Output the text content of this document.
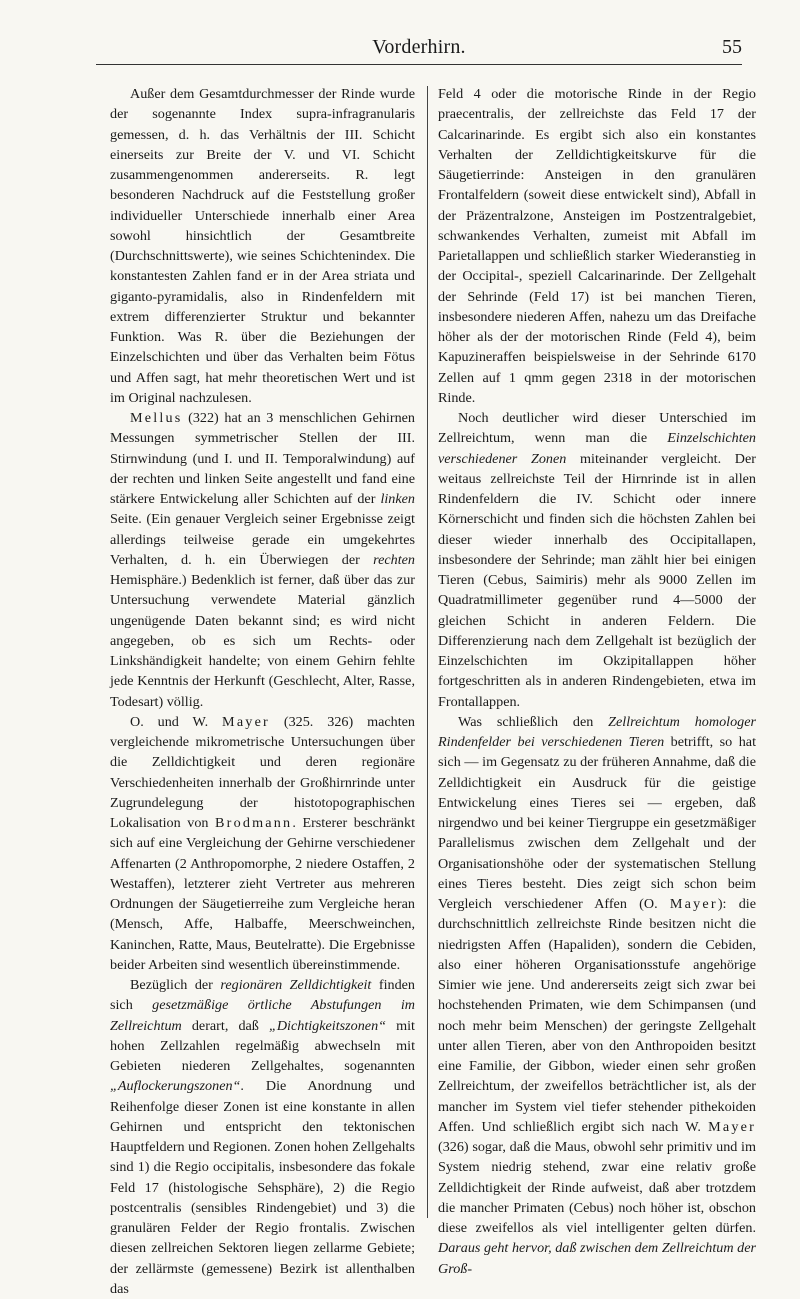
Vorderhirn.	55

Außer dem Gesamtdurchmesser der Rinde wurde der sogenannte Index supra-infragranularis gemessen, d. h. das Verhältnis der III. Schicht einerseits zur Breite der V. und VI. Schicht zusammengenommen andererseits. R. legt besonderen Nachdruck auf die Feststellung großer individueller Unterschiede innerhalb einer Area sowohl hinsichtlich der Gesamtbreite (Durchschnittswerte), wie seines Schichtenindex. Die konstantesten Zahlen fand er in der Area striata und giganto-pyramidalis, also in Rindenfeldern mit extrem differenzierter Struktur und bekannter Funktion. Was R. über die Beziehungen der Einzelschichten und über das Verhalten beim Fötus und Affen sagt, hat mehr theoretischen Wert und ist im Original nachzulesen.

Mellus (322) hat an 3 menschlichen Gehirnen Messungen symmetrischer Stellen der III. Stirnwindung (und I. und II. Temporalwindung) auf der rechten und linken Seite angestellt und fand eine stärkere Entwickelung aller Schichten auf der linken Seite. (Ein genauer Vergleich seiner Ergebnisse zeigt allerdings teilweise gerade ein umgekehrtes Verhalten, d. h. ein Überwiegen der rechten Hemisphäre.) Bedenklich ist ferner, daß über das zur Untersuchung verwendete Material gänzlich ungenügende Daten bekannt sind; es wird nicht angegeben, ob es sich um Rechts- oder Linkshändigkeit handelte; von einem Gehirn fehlte jede Kenntnis der Herkunft (Geschlecht, Alter, Rasse, Todesart) völlig.

O. und W. Mayer (325. 326) machten vergleichende mikrometrische Untersuchungen über die Zelldichtigkeit und deren regionäre Verschiedenheiten innerhalb der Großhirnrinde unter Zugrundelegung der histotopographischen Lokalisation von Brodmann. Ersterer beschränkt sich auf eine Vergleichung der Gehirne verschiedener Affenarten (2 Anthropomorphe, 2 niedere Ostaffen, 2 Westaffen), letzterer zieht Vertreter aus mehreren Ordnungen der Säugetierreihe zum Vergleiche heran (Mensch, Affe, Halbaffe, Meerschweinchen, Kaninchen, Ratte, Maus, Beutelratte). Die Ergebnisse beider Arbeiten sind wesentlich übereinstimmende.

Bezüglich der regionären Zelldichtigkeit finden sich gesetzmäßige örtliche Abstufungen im Zellreichtum derart, daß „Dichtigkeitszonen“ mit hohen Zellzahlen regelmäßig abwechseln mit Gebieten niederen Zellgehaltes, sogenannten „Auflockerungszonen“. Die Anordnung und Reihenfolge dieser Zonen ist eine konstante in allen Gehirnen und entspricht den tektonischen Hauptfeldern und Regionen. Zonen hohen Zellgehalts sind 1) die Regio occipitalis, insbesondere das fokale Feld 17 (histologische Sehsphäre), 2) die Regio postcentralis (sensibles Rindengebiet) und 3) die granulären Felder der Regio frontalis. Zwischen diesen zellreichen Sektoren liegen zellarme Gebiete; der zellärmste (gemessene) Bezirk ist allenthalben das

Feld 4 oder die motorische Rinde in der Regio praecentralis, der zellreichste das Feld 17 der Calcarinarinde. Es ergibt sich also ein konstantes Verhalten der Zelldichtigkeitskurve für die Säugetierrinde: Ansteigen in den granulären Frontalfeldern (soweit diese entwickelt sind), Abfall in der Präzentralzone, Ansteigen im Postzentralgebiet, schwankendes Verhalten, zumeist mit Abfall im Parietallappen und schließlich starker Wiederanstieg in der Occipital-, speziell Calcarinarinde. Der Zellgehalt der Sehrinde (Feld 17) ist bei manchen Tieren, insbesondere niederen Affen, nahezu um das Dreifache höher als der der motorischen Rinde (Feld 4), beim Kapuzineraffen beispielsweise in der Sehrinde 6170 Zellen auf 1 qmm gegen 2318 in der motorischen Rinde.

Noch deutlicher wird dieser Unterschied im Zellreichtum, wenn man die Einzelschichten verschiedener Zonen miteinander vergleicht. Der weitaus zellreichste Teil der Hirnrinde ist in allen Rindenfeldern die IV. Schicht oder innere Körnerschicht und finden sich die höchsten Zahlen bei dieser wieder innerhalb des Occipitallapen, insbesondere der Sehrinde; man zählt hier bei einigen Tieren (Cebus, Saimiris) mehr als 9000 Zellen im Quadratmillimeter gegenüber rund 4—5000 der gleichen Schicht in anderen Feldern. Die Differenzierung nach dem Zellgehalt ist bezüglich der Einzelschichten im Okzipitallappen höher fortgeschritten als in anderen Rindengebieten, etwa im Frontallappen.

Was schließlich den Zellreichtum homologer Rindenfelder bei verschiedenen Tieren betrifft, so hat sich — im Gegensatz zu der früheren Annahme, daß die Zelldichtigkeit ein Ausdruck für die geistige Entwickelung eines Tieres sei — ergeben, daß nirgendwo und bei keiner Tiergruppe ein gesetzmäßiger Parallelismus zwischen dem Zellgehalt und der Organisationshöhe oder der systematischen Stellung eines Tieres besteht. Dies zeigt sich schon beim Vergleich verschiedener Affen (O. Mayer): die durchschnittlich zellreichste Rinde besitzen nicht die niedrigsten Affen (Hapaliden), sondern die Cebiden, also einer höheren Organisationsstufe angehörige Simier wie jene. Und andererseits zeigt sich zwar bei hochstehenden Primaten, wie dem Schimpansen (und noch mehr beim Menschen) der geringste Zellgehalt unter allen Tieren, aber von den Anthropoiden besitzt eine Familie, der Gibbon, wieder einen sehr großen Zellreichtum, der zweifellos beträchtlicher ist, als der mancher im System viel tiefer stehender pithekoiden Affen. Und schließlich ergibt sich nach W. Mayer (326) sogar, daß die Maus, obwohl sehr primitiv und im System niedrig stehend, zwar eine relativ große Zelldichtigkeit der Rinde aufweist, daß aber trotzdem die mancher Primaten (Cebus) noch höher ist, obschon diese zweifellos als viel intelligenter gelten dürfen. Daraus geht hervor, daß zwischen dem Zellreichtum der Groß-
